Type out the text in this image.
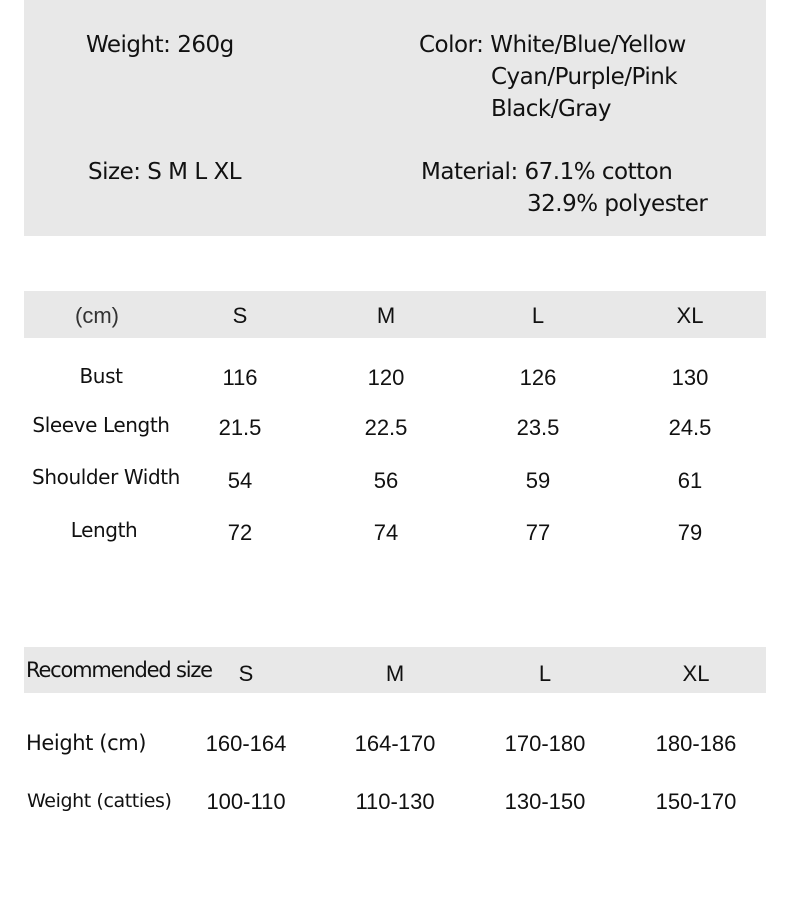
Weight: 260g	Color: White/Blue/Yellow
Cyan/Purple/Pink
Black/Gray
Size: S M L XL	Material: 67.1% cotton
32.9% polyester
(cm)	S	M	L	XL
Bust	116	120	126	130
Sleeve Length 21.5	22.5	23.5	24.5
Shoulder Width 54	56	59	61
Length	72	74	77	79
Recommended size S	M	L	XL
Height (cm)	160-164	164-170	170-180	180-186
Weight (catties) 100-110	110-130	130-150	150-170
